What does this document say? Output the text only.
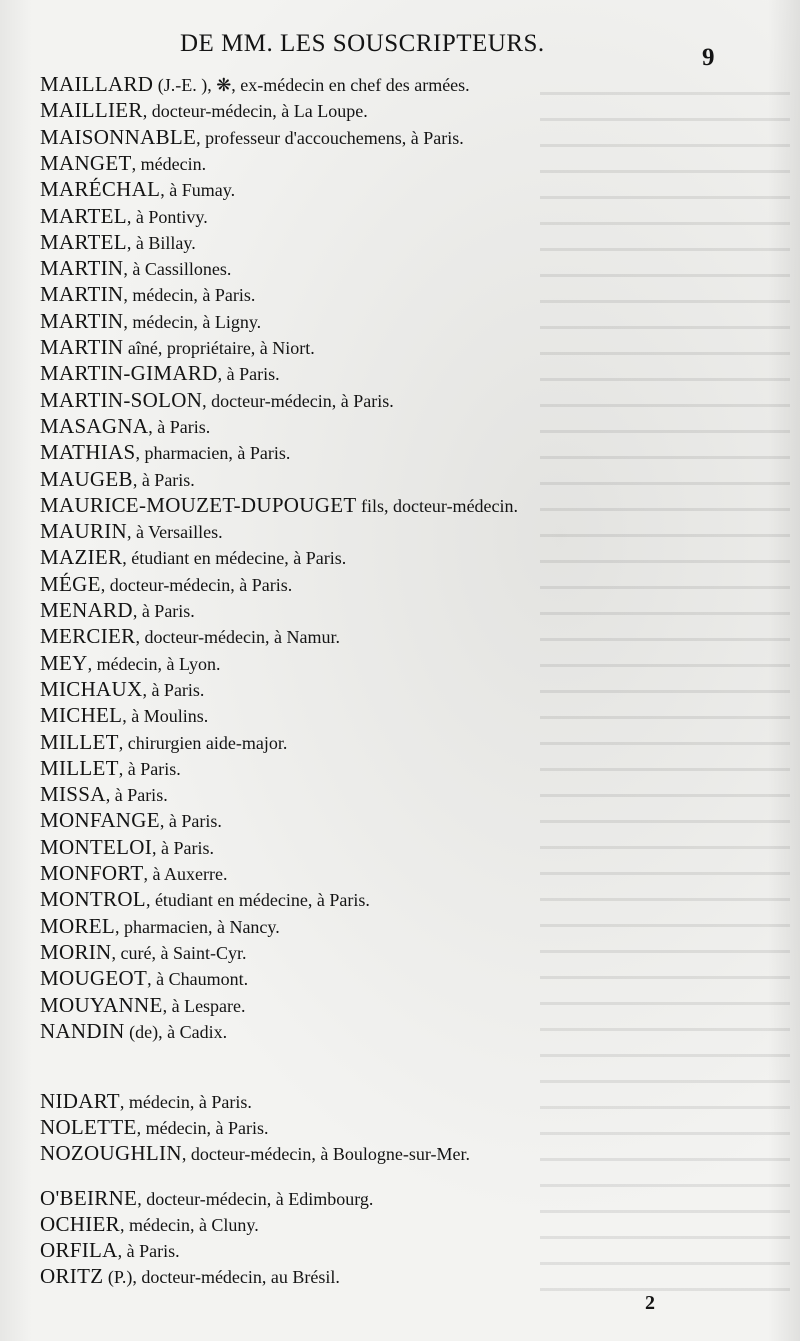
DE MM. LES SOUSCRIPTEURS.
9
MAILLARD (J.-E. ), ❋, ex-médecin en chef des armées.
MAILLIER, docteur-médecin, à La Loupe.
MAISONNABLE, professeur d'accouchemens, à Paris.
MANGET, médecin.
MARÉCHAL, à Fumay.
MARTEL, à Pontivy.
MARTEL, à Billay.
MARTIN, à Cassillones.
MARTIN, médecin, à Paris.
MARTIN, médecin, à Ligny.
MARTIN aîné, propriétaire, à Niort.
MARTIN-GIMARD, à Paris.
MARTIN-SOLON, docteur-médecin, à Paris.
MASAGNA, à Paris.
MATHIAS, pharmacien, à Paris.
MAUGEB, à Paris.
MAURICE-MOUZET-DUPOUGET fils, docteur-médecin.
MAURIN, à Versailles.
MAZIER, étudiant en médecine, à Paris.
MÉGE, docteur-médecin, à Paris.
MENARD, à Paris.
MERCIER, docteur-médecin, à Namur.
MEY, médecin, à Lyon.
MICHAUX, à Paris.
MICHEL, à Moulins.
MILLET, chirurgien aide-major.
MILLET, à Paris.
MISSA, à Paris.
MONFANGE, à Paris.
MONTELOI, à Paris.
MONFORT, à Auxerre.
MONTROL, étudiant en médecine, à Paris.
MOREL, pharmacien, à Nancy.
MORIN, curé, à Saint-Cyr.
MOUGEOT, à Chaumont.
MOUYANNE, à Lespare.
NANDIN (de), à Cadix.
NIDART, médecin, à Paris.
NOLETTE, médecin, à Paris.
NOZOUGHLIN, docteur-médecin, à Boulogne-sur-Mer.
O'BEIRNE, docteur-médecin, à Edimbourg.
OCHIER, médecin, à Cluny.
ORFILA, à Paris.
ORITZ (P.), docteur-médecin, au Brésil.
2
